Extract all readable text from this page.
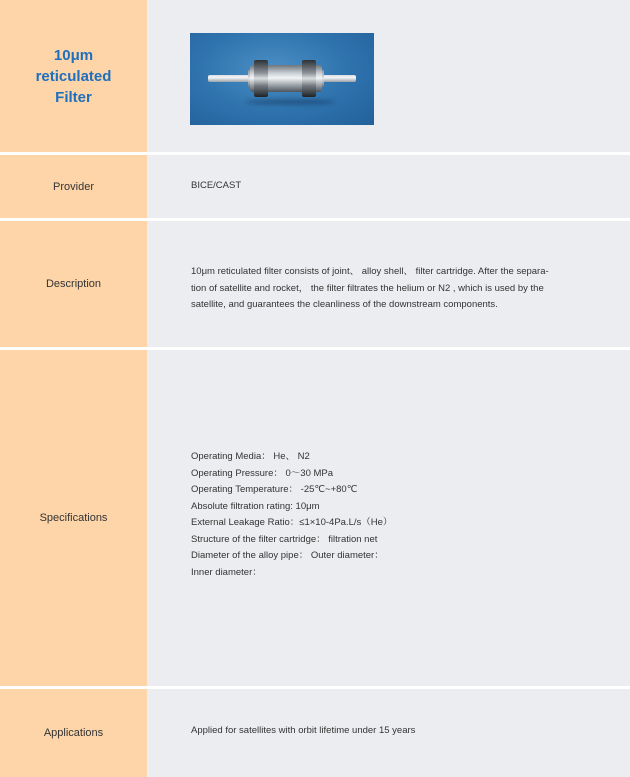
10μm reticulated Filter
Provider	BICE/CAST
Description
10μm reticulated filter consists of joint、 alloy shell、 filter cartridge. After the separa-
tion of satellite and rocket， the filter filtrates the helium or N2 , which is used by the
satellite, and guarantees the cleanliness of the downstream components.
Specifications
Operating Media： He、 N2
Operating Pressure： 0～30 MPa
Operating Temperature： -25℃~+80℃
Absolute filtration rating: 10μm
External Leakage Ratio：≤1×10-4Pa.L/s（He）
Structure of the filter cartridge： filtration net
Diameter of the alloy pipe： Outer diameter：
Inner diameter：
Applications	Applied for satellites with orbit lifetime under 15 years
